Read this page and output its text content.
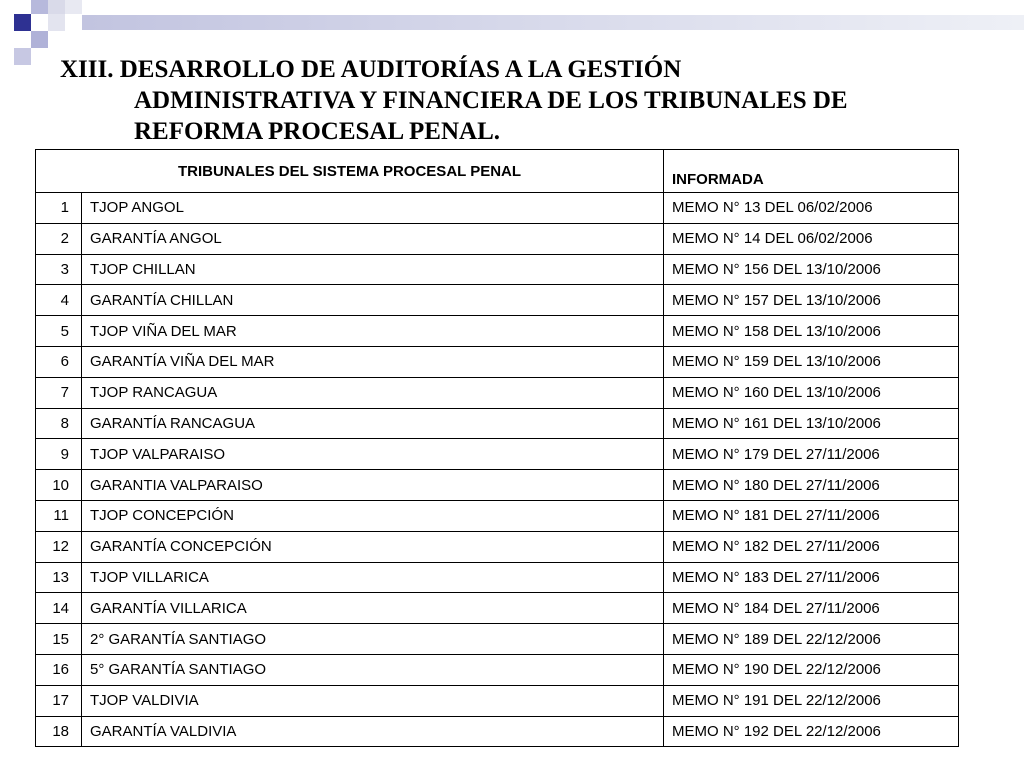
XIII. DESARROLLO DE AUDITORÍAS A LA GESTIÓN
ADMINISTRATIVA Y FINANCIERA DE LOS TRIBUNALES DE
REFORMA PROCESAL PENAL.
TRIBUNALES DEL SISTEMA PROCESAL PENAL		INFORMADA
1	TJOP ANGOL	MEMO N° 13 DEL 06/02/2006
2	GARANTÍA ANGOL	MEMO N° 14 DEL 06/02/2006
3	TJOP CHILLAN	MEMO N° 156 DEL 13/10/2006
4	GARANTÍA CHILLAN	MEMO N° 157 DEL 13/10/2006
5	TJOP VIÑA DEL MAR	MEMO N° 158 DEL 13/10/2006
6	GARANTÍA VIÑA DEL MAR	MEMO N° 159 DEL 13/10/2006
7	TJOP RANCAGUA	MEMO N° 160 DEL 13/10/2006
8	GARANTÍA RANCAGUA	MEMO N° 161 DEL 13/10/2006
9	TJOP VALPARAISO	MEMO N° 179 DEL 27/11/2006
10	GARANTIA VALPARAISO	MEMO N° 180 DEL 27/11/2006
11	TJOP CONCEPCIÓN	MEMO N° 181 DEL 27/11/2006
12	GARANTÍA CONCEPCIÓN	MEMO N° 182 DEL 27/11/2006
13	TJOP VILLARICA	MEMO N° 183 DEL 27/11/2006
14	GARANTÍA VILLARICA	MEMO N° 184 DEL 27/11/2006
15	2° GARANTÍA SANTIAGO	MEMO N° 189 DEL 22/12/2006
16	5° GARANTÍA SANTIAGO	MEMO N° 190 DEL 22/12/2006
17	TJOP VALDIVIA	MEMO N° 191 DEL 22/12/2006
18	GARANTÍA VALDIVIA	MEMO N° 192 DEL 22/12/2006
